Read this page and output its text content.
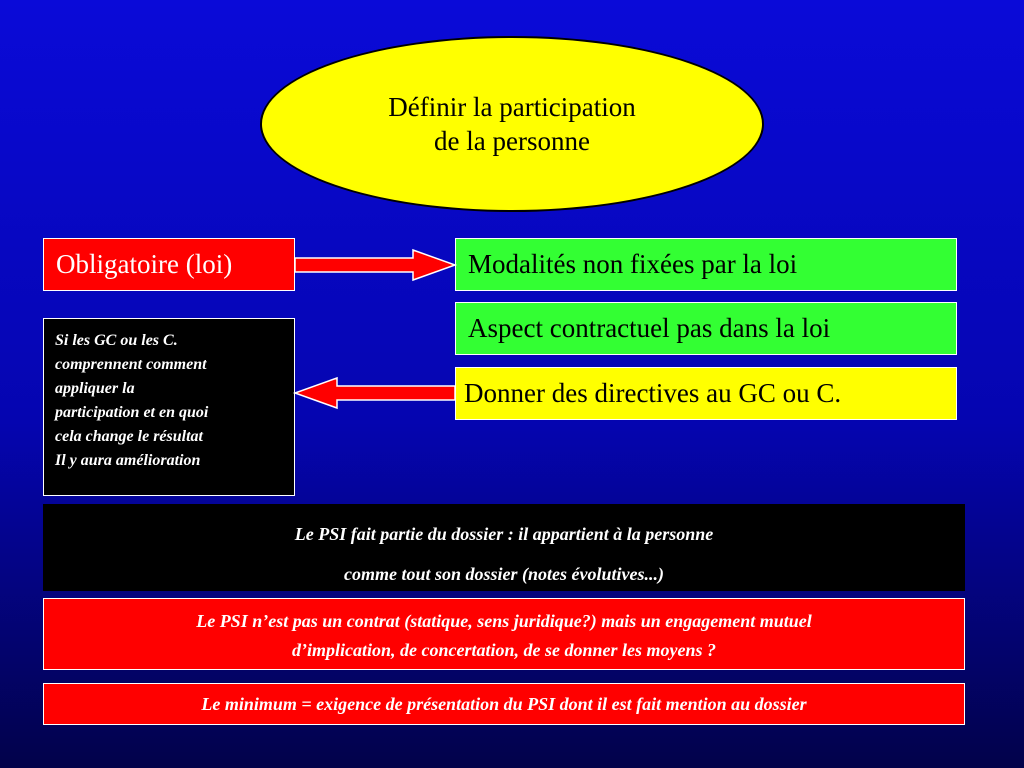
Définir la participation
de la personne
Obligatoire (loi)	Modalités non fixées par la loi
Aspect contractuel pas dans la loi
Donner des directives au GC ou C.
Si les GC ou les C.
comprennent comment
appliquer la
participation et en quoi
cela change le résultat
Il y aura amélioration
Le PSI fait partie du dossier : il appartient à la personne
comme tout son dossier (notes évolutives...)
Le PSI n’est pas un contrat (statique, sens juridique?) mais un engagement mutuel
d’implication, de concertation, de se donner les moyens ?
Le minimum = exigence de présentation du PSI dont il est fait mention au dossier
